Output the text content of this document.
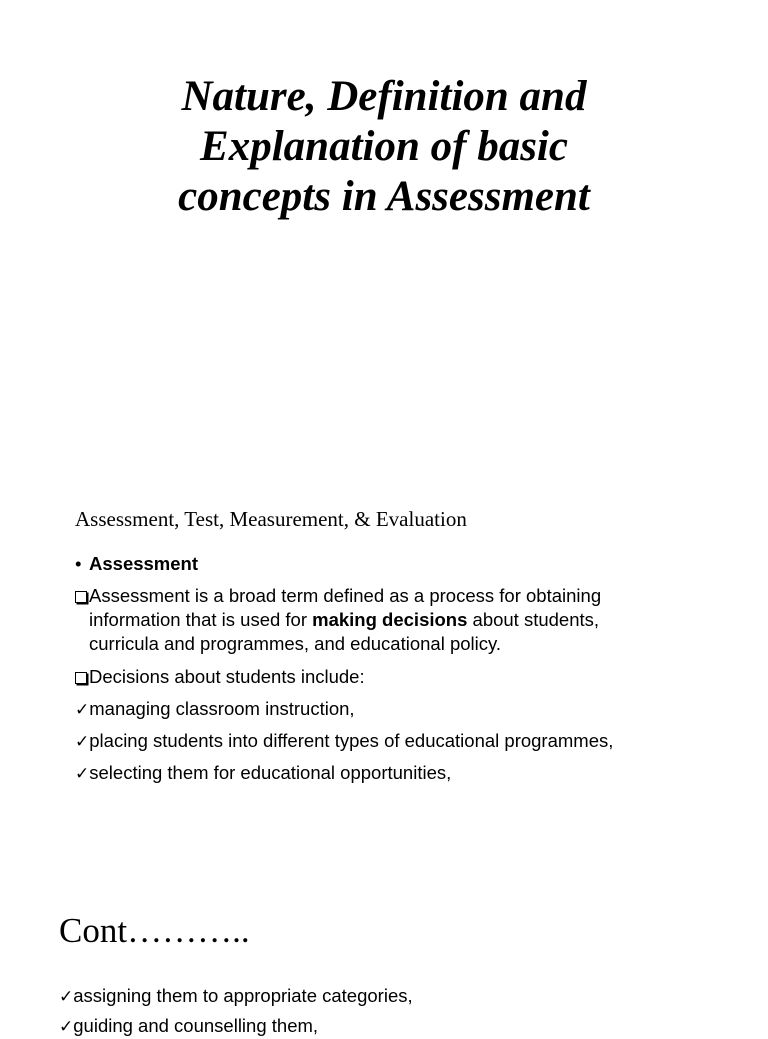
Nature, Definition and
Explanation of basic
concepts in Assessment
Assessment, Test, Measurement, & Evaluation
• Assessment
Assessment is a broad term defined as a process for obtaining
information that is used for making decisions about students,
curricula and programmes, and educational policy.
Decisions about students include:
✓managing classroom instruction,
✓placing students into different types of educational programmes,
✓selecting them for educational opportunities,
Cont………..
✓assigning them to appropriate categories,
✓guiding and counselling them,
